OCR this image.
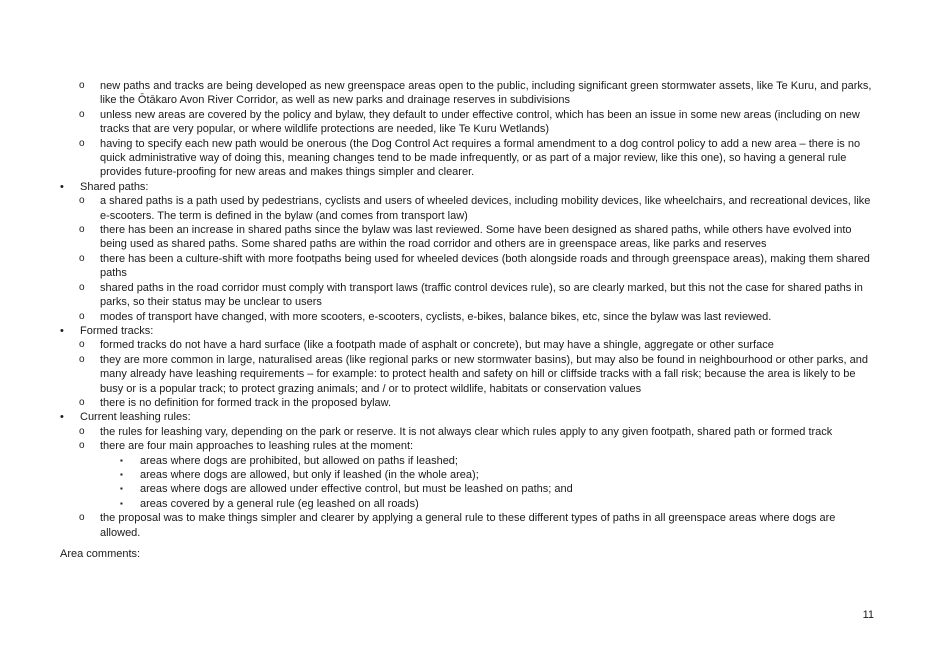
o	new paths and tracks are being developed as new greenspace areas open to the public, including significant green stormwater assets, like Te Kuru, and parks, like the Ōtākaro Avon River Corridor, as well as new parks and drainage reserves in subdivisions
o	unless new areas are covered by the policy and bylaw, they default to under effective control, which has been an issue in some new areas (including on new tracks that are very popular, or where wildlife protections are needed, like Te Kuru Wetlands)
o	having to specify each new path would be onerous (the Dog Control Act requires a formal amendment to a dog control policy to add a new area – there is no quick administrative way of doing this, meaning changes tend to be made infrequently, or as part of a major review, like this one), so having a general rule provides future-proofing for new areas and makes things simpler and clearer.
•	Shared paths:
o	a shared paths is a path used by pedestrians, cyclists and users of wheeled devices, including mobility devices, like wheelchairs, and recreational devices, like e-scooters. The term is defined in the bylaw (and comes from transport law)
o	there has been an increase in shared paths since the bylaw was last reviewed. Some have been designed as shared paths, while others have evolved into being used as shared paths. Some shared paths are within the road corridor and others are in greenspace areas, like parks and reserves
o	there has been a culture-shift with more footpaths being used for wheeled devices (both alongside roads and through greenspace areas), making them shared paths
o	shared paths in the road corridor must comply with transport laws (traffic control devices rule), so are clearly marked, but this not the case for shared paths in parks, so their status may be unclear to users
o	modes of transport have changed, with more scooters, e-scooters, cyclists, e-bikes, balance bikes, etc, since the bylaw was last reviewed.
•	Formed tracks:
o	formed tracks do not have a hard surface (like a footpath made of asphalt or concrete), but may have a shingle, aggregate or other surface
o	they are more common in large, naturalised areas (like regional parks or new stormwater basins), but may also be found in neighbourhood or other parks, and many already have leashing requirements – for example: to protect health and safety on hill or cliffside tracks with a fall risk; because the area is likely to be busy or is a popular track; to protect grazing animals; and / or to protect wildlife, habitats or conservation values
o	there is no definition for formed track in the proposed bylaw.
•	Current leashing rules:
o	the rules for leashing vary, depending on the park or reserve. It is not always clear which rules apply to any given footpath, shared path or formed track
o	there are four main approaches to leashing rules at the moment:
▪ areas where dogs are prohibited, but allowed on paths if leashed;
▪ areas where dogs are allowed, but only if leashed (in the whole area);
▪ areas where dogs are allowed under effective control, but must be leashed on paths; and
▪ areas covered by a general rule (eg leashed on all roads)
o	the proposal was to make things simpler and clearer by applying a general rule to these different types of paths in all greenspace areas where dogs are allowed.
Area comments:
11
